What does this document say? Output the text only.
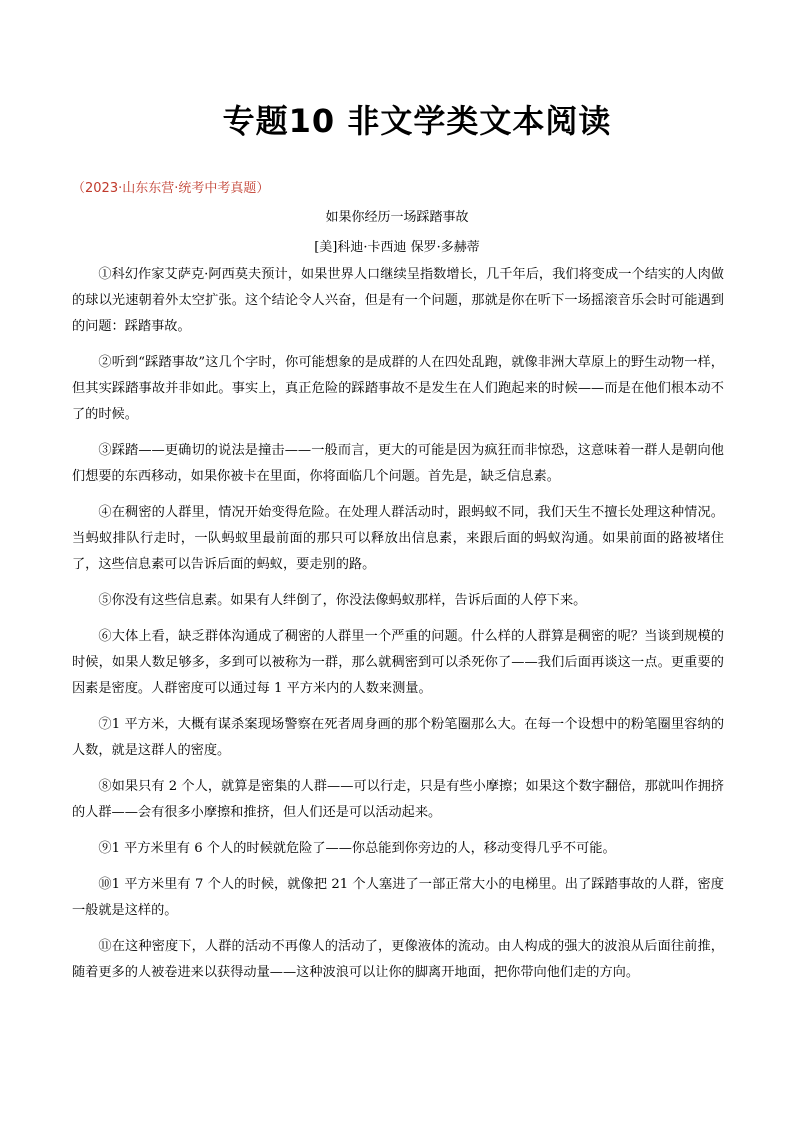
专题10 非文学类文本阅读
（2023·山东东营·统考中考真题）
如果你经历一场踩踏事故
[美]科迪·卡西迪 保罗·多赫蒂

①科幻作家艾萨克·阿西莫夫预计，如果世界人口继续呈指数增长，几千年后，我们将变成一个结实的人肉做的球以光速朝着外太空扩张。这个结论令人兴奋，但是有一个问题，那就是你在听下一场摇滚音乐会时可能遇到的问题：踩踏事故。

②听到“踩踏事故”这几个字时，你可能想象的是成群的人在四处乱跑，就像非洲大草原上的野生动物一样，但其实踩踏事故并非如此。事实上，真正危险的踩踏事故不是发生在人们跑起来的时候——而是在他们根本动不了的时候。

③踩踏——更确切的说法是撞击——一般而言，更大的可能是因为疯狂而非惊恐，这意味着一群人是朝向他们想要的东西移动，如果你被卡在里面，你将面临几个问题。首先是，缺乏信息素。

④在稠密的人群里，情况开始变得危险。在处理人群活动时，跟蚂蚁不同，我们天生不擅长处理这种情况。当蚂蚁排队行走时，一队蚂蚁里最前面的那只可以释放出信息素，来跟后面的蚂蚁沟通。如果前面的路被堵住了，这些信息素可以告诉后面的蚂蚁，要走别的路。

⑤你没有这些信息素。如果有人绊倒了，你没法像蚂蚁那样，告诉后面的人停下来。

⑥大体上看，缺乏群体沟通成了稠密的人群里一个严重的问题。什么样的人群算是稠密的呢？当谈到规模的时候，如果人数足够多，多到可以被称为一群，那么就稠密到可以杀死你了——我们后面再谈这一点。更重要的因素是密度。人群密度可以通过每 1 平方米内的人数来测量。

⑦1 平方米，大概有谋杀案现场警察在死者周身画的那个粉笔圈那么大。在每一个设想中的粉笔圈里容纳的人数，就是这群人的密度。

⑧如果只有 2 个人，就算是密集的人群——可以行走，只是有些小摩擦；如果这个数字翻倍，那就叫作拥挤的人群——会有很多小摩擦和推挤，但人们还是可以活动起来。

⑨1 平方米里有 6 个人的时候就危险了——你总能到你旁边的人，移动变得几乎不可能。

⑩1 平方米里有 7 个人的时候，就像把 21 个人塞进了一部正常大小的电梯里。出了踩踏事故的人群，密度一般就是这样的。

⑪在这种密度下，人群的活动不再像人的活动了，更像液体的流动。由人构成的强大的波浪从后面往前推，随着更多的人被卷进来以获得动量——这种波浪可以让你的脚离开地面，把你带向他们走的方向。
